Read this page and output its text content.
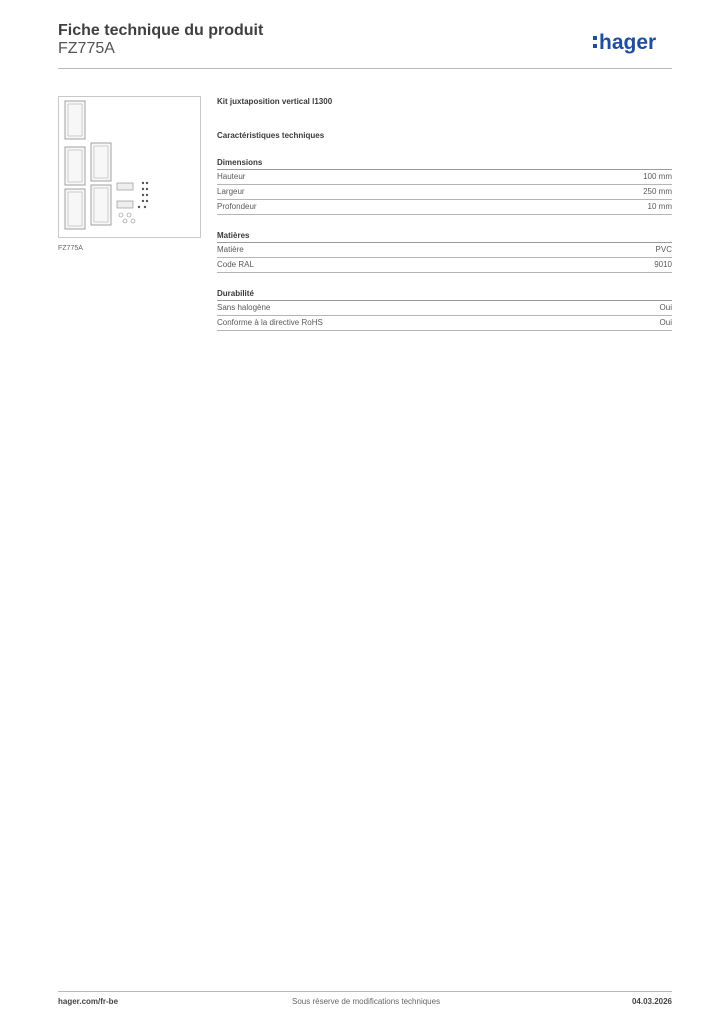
Fiche technique du produit
FZ775A	hager
FZ775A
Kit juxtaposition vertical l1300
Caractéristiques techniques
Dimensions
Hauteur	100 mm
Largeur	250 mm
Profondeur	10 mm
Matières
Matière	PVC
Code RAL	9010
Durabilité
Sans halogène	Oui
Conforme à la directive RoHS	Oui
hager.com/fr-be	Sous réserve de modifications techniques	04.03.2026
